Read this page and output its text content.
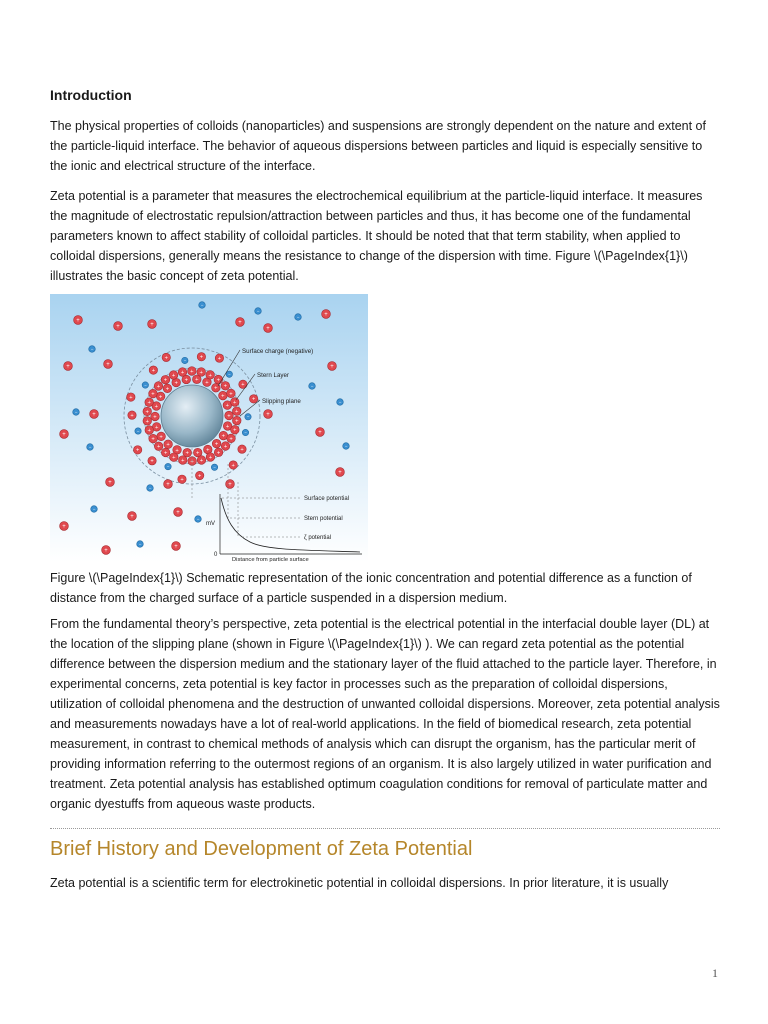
Introduction

The physical properties of colloids (nanoparticles) and suspensions are strongly dependent on the nature and extent of the particle-liquid interface. The behavior of aqueous dispersions between particles and liquid is especially sensitive to the ionic and electrical structure of the interface.

Zeta potential is a parameter that measures the electrochemical equilibrium at the particle-liquid interface. It measures the magnitude of electrostatic repulsion/attraction between particles and thus, it has become one of the fundamental parameters known to affect stability of colloidal particles. It should be noted that that term stability, when applied to colloidal dispersions, generally means the resistance to change of the dispersion with time. Figure \(\PageIndex{1}\) illustrates the basic concept of zeta potential.

+
+
+
+ + +
+
+
+
+
+
+
+
+
+
+
+
+
+
+
+
+
+ + + +
+
+
+
+
+
+
+
+
+
+
+
+
+
+
+
+
+
+
+
+
+
+
+
+
+
+
−
+
+
−
+
+
−
+
+
−
+
+
−
+
+	− +	+
−
+
+
−
+
+	+
−
+
+
+
−
−
+
−
+	+
−
−
−	+
+
−
+
+
−
+
−
+
+
−
+
+
+
−	+
+
−
+
Surface charge (negative)
Stern Layer
Slipping plane
Surface potential
Stern potential
ζ potential
mV
0
Distance from particle surface

Figure \(\PageIndex{1}\) Schematic representation of the ionic concentration and potential difference as a function of distance from the charged surface of a particle suspended in a dispersion medium.

From the fundamental theory’s perspective, zeta potential is the electrical potential in the interfacial double layer (DL) at the location of the slipping plane (shown in Figure \(\PageIndex{1}\) ). We can regard zeta potential as the potential difference between the dispersion medium and the stationary layer of the fluid attached to the particle layer. Therefore, in experimental concerns, zeta potential is key factor in processes such as the preparation of colloidal dispersions, utilization of colloidal phenomena and the destruction of unwanted colloidal dispersions. Moreover, zeta potential analysis and measurements nowadays have a lot of real-world applications. In the field of biomedical research, zeta potential measurement, in contrast to chemical methods of analysis which can disrupt the organism, has the particular merit of providing information referring to the outermost regions of an organism. It is also largely utilized in water purification and treatment. Zeta potential analysis has established optimum coagulation conditions for removal of particulate matter and organic dyestuffs from aqueous waste products.

Brief History and Development of Zeta Potential

Zeta potential is a scientific term for electrokinetic potential in colloidal dispersions. In prior literature, it is usually

1
